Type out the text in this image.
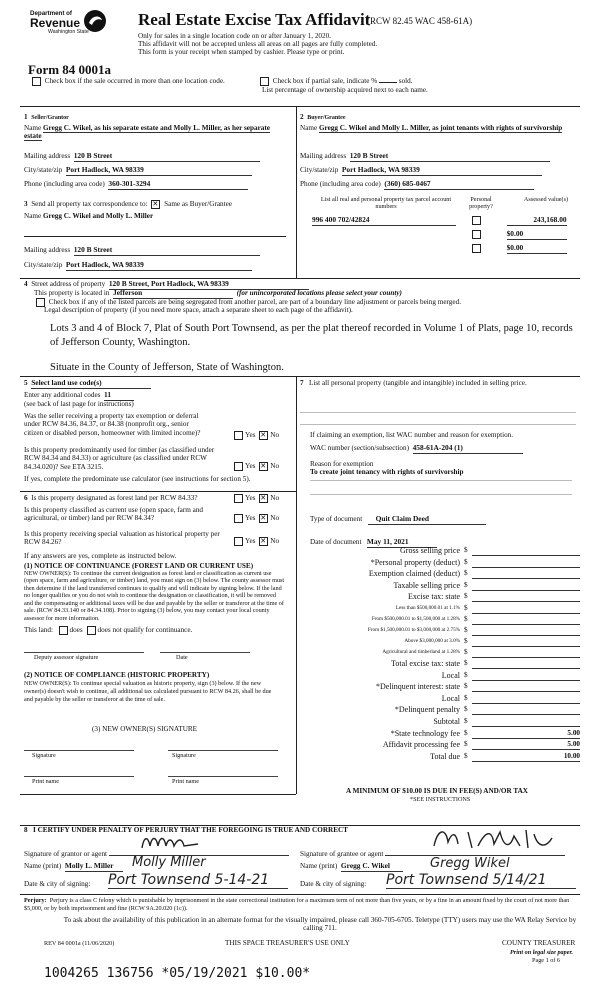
Department of
Revenue
Washington State
Real Estate Excise Tax Affidavit
(RCW 82.45 WAC 458-61A)
Only for sales in a single location code on or after January 1, 2020.
This affidavit will not be accepted unless all areas on all pages are fully completed.
This form is your receipt when stamped by cashier. Please type or print.
Form 84 0001a
Check box if the sale occurred in more than one location code.	Check box if partial sale, indicate %	sold.
List percentage of ownership acquired next to each name.
1 Seller/Grantor
Name Gregg C. Wikel, as his separate estate and Molly L. Miller, as her separate estate
Mailing address 120 B Street
City/state/zip Port Hadlock, WA 98339
Phone (including area code) 360-301-3294
2 Buyer/Grantee
Name Gregg C. Wikel and Molly L. Miller, as joint tenants with rights of survivorship
Mailing address 120 B Street
City/state/zip Port Hadlock, WA 98339
Phone (including area code) (360) 685-0467
3 Send all property tax correspondence to: ✕ Same as Buyer/Grantee
Name Gregg C. Wikel and Molly L. Miller
Mailing address 120 B Street
City/state/zip Port Hadlock, WA 98339
List all real and personal property tax parcel account numbers
Personal property?
Assessed value(s)
996 400 702/42824	243,168.00
$0.00
$0.00
4 Street address of property 120 B Street, Port Hadlock, WA 98339
This property is located in Jefferson	(for unincorporated locations please select your county)
Check box if any of the listed parcels are being segregated from another parcel, are part of a boundary line adjustment or parcels being merged.
Legal description of property (if you need more space, attach a separate sheet to each page of the affidavit).
Lots 3 and 4 of Block 7, Plat of South Port Townsend, as per the plat thereof recorded in Volume 1 of Plats, page 10, records of Jefferson County, Washington.
Situate in the County of Jefferson, State of Washington.
5 Select land use code(s)
Enter any additional codes 11
(see back of last page for instructions)
Was the seller receiving a property tax exemption or deferral under RCW 84.36, 84.37, or 84.38 (nonprofit org., senior citizen or disabled person, homeowner with limited income)?	Yes ✕ No
Is this property predominantly used for timber (as classified under RCW 84.34 and 84.33) or agriculture (as classified under RCW 84.34.020)? See ETA 3215.	Yes ✕ No
If yes, complete the predominate use calculator (see instructions for section 5).
6 Is this property designated as forest land per RCW 84.33?	Yes ✕ No
Is this property classified as current use (open space, farm and agricultural, or timber) land per RCW 84.34?	Yes ✕ No
Is this property receiving special valuation as historical property per RCW 84.26?	Yes ✕ No
If any answers are yes, complete as instructed below.
(1) NOTICE OF CONTINUANCE (FOREST LAND OR CURRENT USE)
NEW OWNER(S): To continue the current designation as forest land or classification as current use (open space, farm and agriculture, or timber) land, you must sign on (3) below. The county assessor must then determine if the land transferred continues to qualify and will indicate by signing below. If the land no longer qualifies or you do not wish to continue the designation or classification, it will be removed and the compensating or additional taxes will be due and payable by the seller or transferor at the time of sale. (RCW 84.33.140 or 84.34.108). Prior to signing (3) below, you may contact your local county assessor for more information.
This land: does does not qualify for continuance.
Deputy assessor signature	Date
(2) NOTICE OF COMPLIANCE (HISTORIC PROPERTY)
NEW OWNER(S): To continue special valuation as historic property, sign (3) below. If the new owner(s) doesn't wish to continue, all additional tax calculated pursuant to RCW 84.26, shall be due and payable by the seller or transferor at the time of sale.
(3) NEW OWNER(S) SIGNATURE
Signature	Signature
Print name	Print name
7 List all personal property (tangible and intangible) included in selling price.
If claiming an exemption, list WAC number and reason for exemption.
WAC number (section/subsection) 458-61A-204 (1)
Reason for exemption
To create joint tenancy with rights of survivorship
Type of document Quit Claim Deed
Date of document May 11, 2021
Gross selling price $
*Personal property (deduct) $
Exemption claimed (deduct) $
Taxable selling price $
Excise tax: state $
Less than $500,000.01 at 1.1% $
From $500,000.01 to $1,500,000 at 1.28% $
From $1,500,000.01 to $3,000,000 at 2.75% $
Above $3,000,000 at 3.0% $
Agricultural and timberland at 1.28% $
Total excise tax: state $
Local $
*Delinquent interest: state $
Local $
*Delinquent penalty $
Subtotal $
*State technology fee $	5.00
Affidavit processing fee $	5.00
Total due $	10.00
A MINIMUM OF $10.00 IS DUE IN FEE(S) AND/OR TAX
*SEE INSTRUCTIONS
8 I CERTIFY UNDER PENALTY OF PERJURY THAT THE FOREGOING IS TRUE AND CORRECT
Signature of grantor or agent	Signature of grantee or agent
Name (print) Molly L. Miller	Molly Miller	Name (print) Gregg C. Wikel	Gregg Wikel
Date & city of signing: Port Townsend 5-14-21	Date & city of signing: Port Townsend 5/14/21
Perjury: Perjury is a class C felony which is punishable by imprisonment in the state correctional institution for a maximum term of not more than five years, or by a fine in an amount fixed by the court of not more than $5,000, or by both imprisonment and fine (RCW 9A.20.020 (1c)).
To ask about the availability of this publication in an alternate format for the visually impaired, please call 360-705-6705. Teletype (TTY) users may use the WA Relay Service by calling 711.
REV 84 0001a (11/06/2020)	THIS SPACE TREASURER'S USE ONLY	COUNTY TREASURER
Print on legal size paper.
Page 1 of 6
1004265 136756 *05/19/2021 $10.00*
